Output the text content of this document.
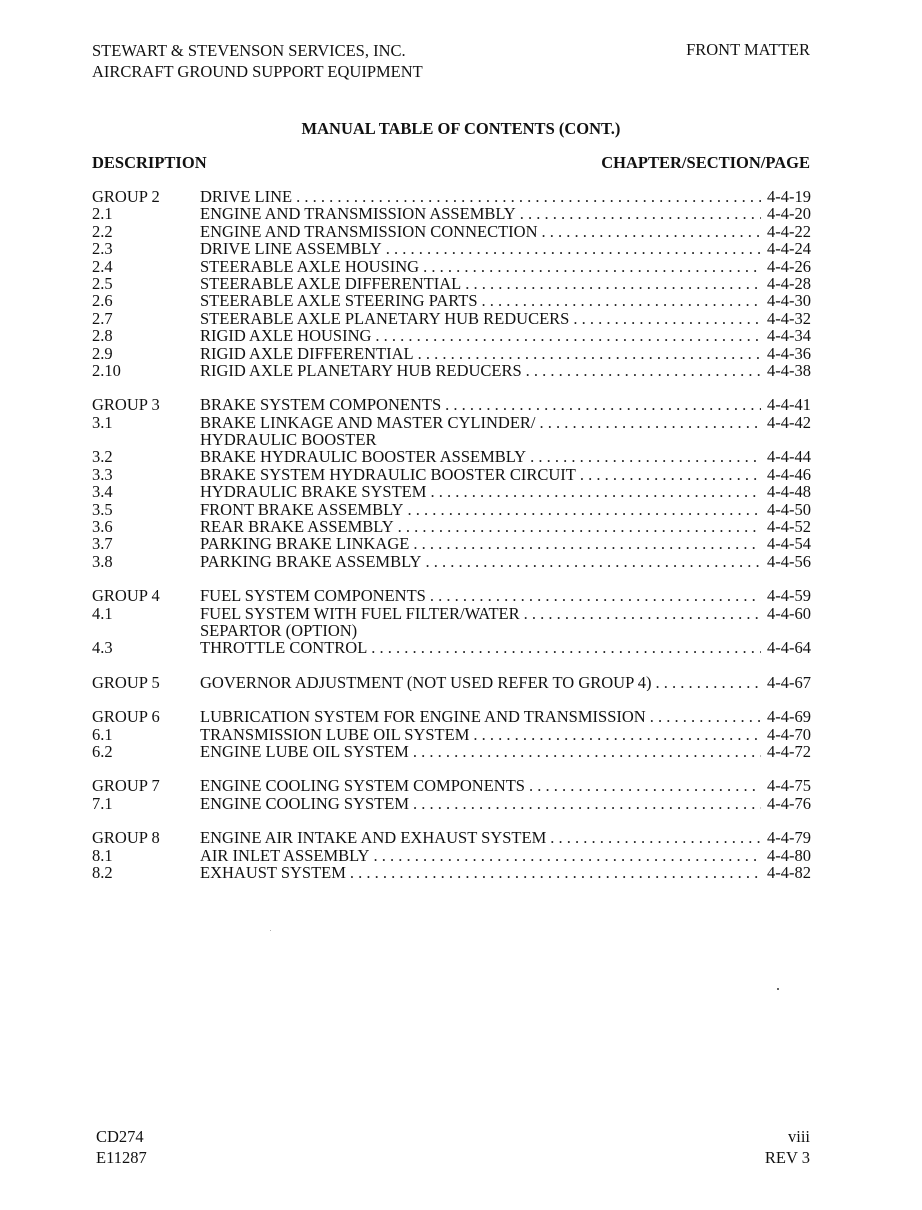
STEWART & STEVENSON SERVICES, INC.
AIRCRAFT GROUND SUPPORT EQUIPMENT
FRONT MATTER
MANUAL TABLE OF CONTENTS (CONT.)
DESCRIPTION	CHAPTER/SECTION/PAGE
GROUP 2	DRIVE LINE . . .	4-4-19
2.1	ENGINE AND TRANSMISSION ASSEMBLY . . .	4-4-20
2.2	ENGINE AND TRANSMISSION CONNECTION . . .	4-4-22
2.3	DRIVE LINE ASSEMBLY . . .	4-4-24
2.4	STEERABLE AXLE HOUSING . . .	4-4-26
2.5	STEERABLE AXLE DIFFERENTIAL . . .	4-4-28
2.6	STEERABLE AXLE STEERING PARTS . . .	4-4-30
2.7	STEERABLE AXLE PLANETARY HUB REDUCERS . . .	4-4-32
2.8	RIGID AXLE HOUSING . . .	4-4-34
2.9	RIGID AXLE DIFFERENTIAL . . .	4-4-36
2.10	RIGID AXLE PLANETARY HUB REDUCERS . . .	4-4-38
GROUP 3	BRAKE SYSTEM COMPONENTS . . .	4-4-41
3.1	BRAKE LINKAGE AND MASTER CYLINDER/ . . .	4-4-42
HYDRAULIC BOOSTER
3.2	BRAKE HYDRAULIC BOOSTER ASSEMBLY . . .	4-4-44
3.3	BRAKE SYSTEM HYDRAULIC BOOSTER CIRCUIT . . .	4-4-46
3.4	HYDRAULIC BRAKE SYSTEM . . .	4-4-48
3.5	FRONT BRAKE ASSEMBLY . . .	4-4-50
3.6	REAR BRAKE ASSEMBLY . . .	4-4-52
3.7	PARKING BRAKE LINKAGE . . .	4-4-54
3.8	PARKING BRAKE ASSEMBLY . . .	4-4-56
GROUP 4	FUEL SYSTEM COMPONENTS . . .	4-4-59
4.1	FUEL SYSTEM WITH FUEL FILTER/WATER . . .	4-4-60
SEPARTOR (OPTION)
4.3	THROTTLE CONTROL . . .	4-4-64
GROUP 5	GOVERNOR ADJUSTMENT (NOT USED REFER TO GROUP 4) . . .	4-4-67
GROUP 6	LUBRICATION SYSTEM FOR ENGINE AND TRANSMISSION . . .	4-4-69
6.1	TRANSMISSION LUBE OIL SYSTEM . . .	4-4-70
6.2	ENGINE LUBE OIL SYSTEM . . .	4-4-72
GROUP 7	ENGINE COOLING SYSTEM COMPONENTS . . .	4-4-75
7.1	ENGINE COOLING SYSTEM . . .	4-4-76
GROUP 8	ENGINE AIR INTAKE AND EXHAUST SYSTEM . . .	4-4-79
8.1	AIR INLET ASSEMBLY . . .	4-4-80
8.2	EXHAUST SYSTEM . . .	4-4-82
CD274
E11287
viii
REV 3
